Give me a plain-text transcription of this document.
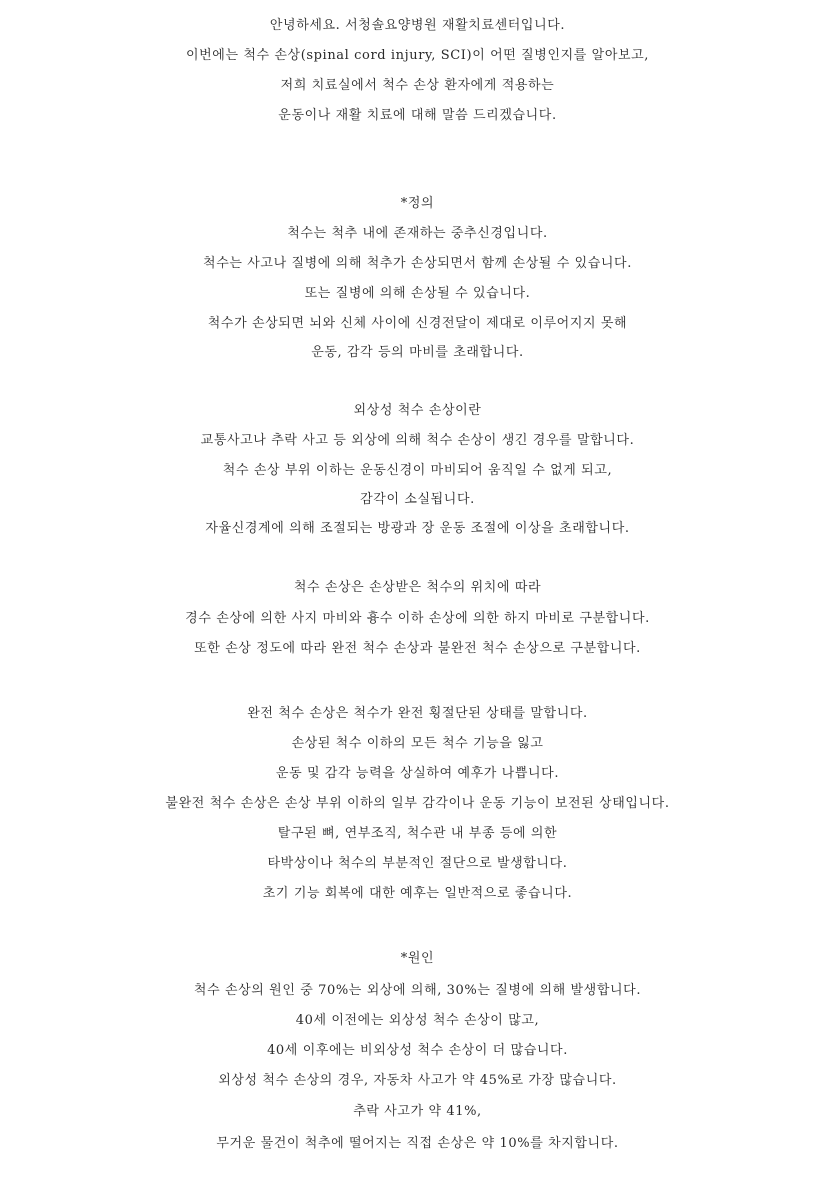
안녕하세요. 서청솔요양병원 재활치료센터입니다.
이번에는 척수 손상(spinal cord injury, SCI)이 어떤 질병인지를 알아보고,
저희 치료실에서 척수 손상 환자에게 적용하는
운동이나 재활 치료에 대해 말씀 드리겠습니다.
*정의
척수는 척추 내에 존재하는 중추신경입니다.
척수는 사고나 질병에 의해 척추가 손상되면서 함께 손상될 수 있습니다.
또는 질병에 의해 손상될 수 있습니다.
척수가 손상되면 뇌와 신체 사이에 신경전달이 제대로 이루어지지 못해
운동, 감각 등의 마비를 초래합니다.
외상성 척수 손상이란
교통사고나 추락 사고 등 외상에 의해 척수 손상이 생긴 경우를 말합니다.
척수 손상 부위 이하는 운동신경이 마비되어 움직일 수 없게 되고,
감각이 소실됩니다.
자율신경계에 의해 조절되는 방광과 장 운동 조절에 이상을 초래합니다.
척수 손상은 손상받은 척수의 위치에 따라
경수 손상에 의한 사지 마비와 흉수 이하 손상에 의한 하지 마비로 구분합니다.
또한 손상 정도에 따라 완전 척수 손상과 불완전 척수 손상으로 구분합니다.
완전 척수 손상은 척수가 완전 횡절단된 상태를 말합니다.
손상된 척수 이하의 모든 척수 기능을 잃고
운동 및 감각 능력을 상실하여 예후가 나쁩니다.
불완전 척수 손상은 손상 부위 이하의 일부 감각이나 운동 기능이 보전된 상태입니다.
탈구된 뼈, 연부조직, 척수관 내 부종 등에 의한
타박상이나 척수의 부분적인 절단으로 발생합니다.
초기 기능 회복에 대한 예후는 일반적으로 좋습니다.
*원인
척수 손상의 원인 중 70%는 외상에 의해, 30%는 질병에 의해 발생합니다.
40세 이전에는 외상성 척수 손상이 많고,
40세 이후에는 비외상성 척수 손상이 더 많습니다.
외상성 척수 손상의 경우, 자동차 사고가 약 45%로 가장 많습니다.
추락 사고가 약 41%,
무거운 물건이 척추에 떨어지는 직접 손상은 약 10%를 차지합니다.
